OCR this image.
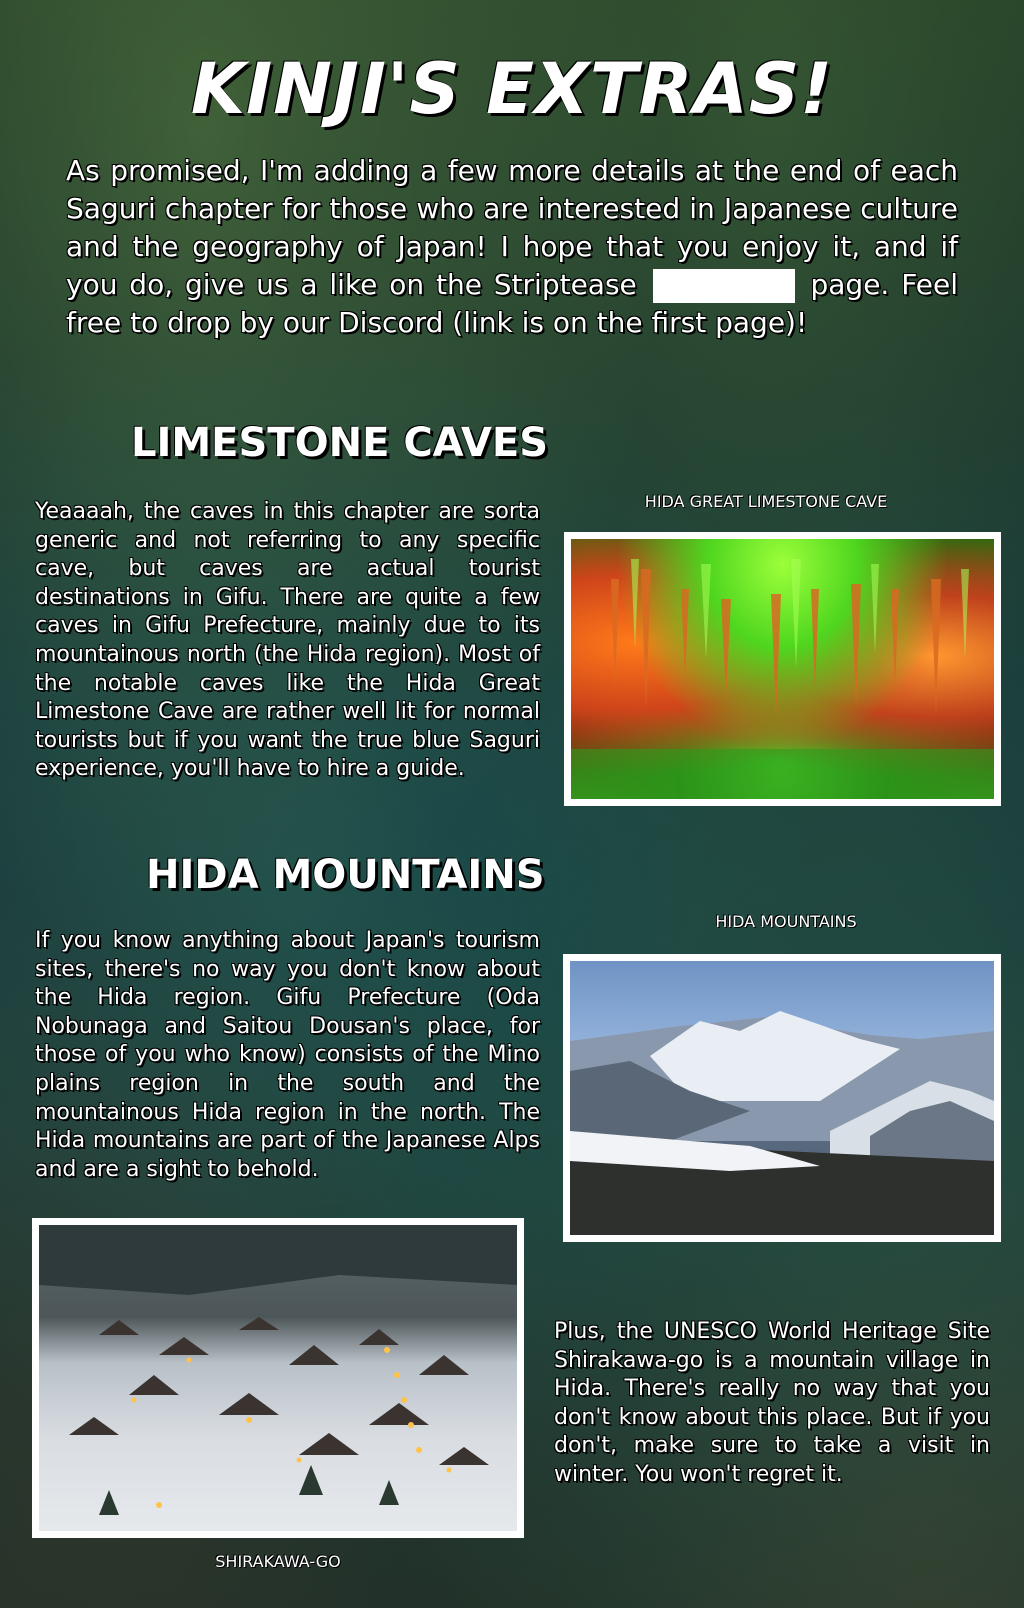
KINJI'S EXTRAS!
As promised, I'm adding a few more details at the end of each Saguri chapter for those who are interested in Japanese culture and the geography of Japan! I hope that you enjoy it, and if you do, give us a like on the Striptease	page. Feel free to drop by our Discord (link is on the first page)!
LIMESTONE CAVES
Yeaaaah, the caves in this chapter are sorta generic and not referring to any specific cave, but caves are actual tourist destinations in Gifu. There are quite a few caves in Gifu Prefecture, mainly due to its mountainous north (the Hida region). Most of the notable caves like the Hida Great Limestone Cave are rather well lit for normal tourists but if you want the true blue Saguri experience, you'll have to hire a guide.
HIDA GREAT LIMESTONE CAVE
HIDA MOUNTAINS
If you know anything about Japan's tourism sites, there's no way you don't know about the Hida region. Gifu Prefecture (Oda Nobunaga and Saitou Dousan's place, for those of you who know) consists of the Mino plains region in the south and the mountainous Hida region in the north. The Hida mountains are part of the Japanese Alps and are a sight to behold.
HIDA MOUNTAINS
SHIRAKAWA-GO
Plus, the UNESCO World Heritage Site Shirakawa-go is a mountain village in Hida. There's really no way that you don't know about this place. But if you don't, make sure to take a visit in winter. You won't regret it.
